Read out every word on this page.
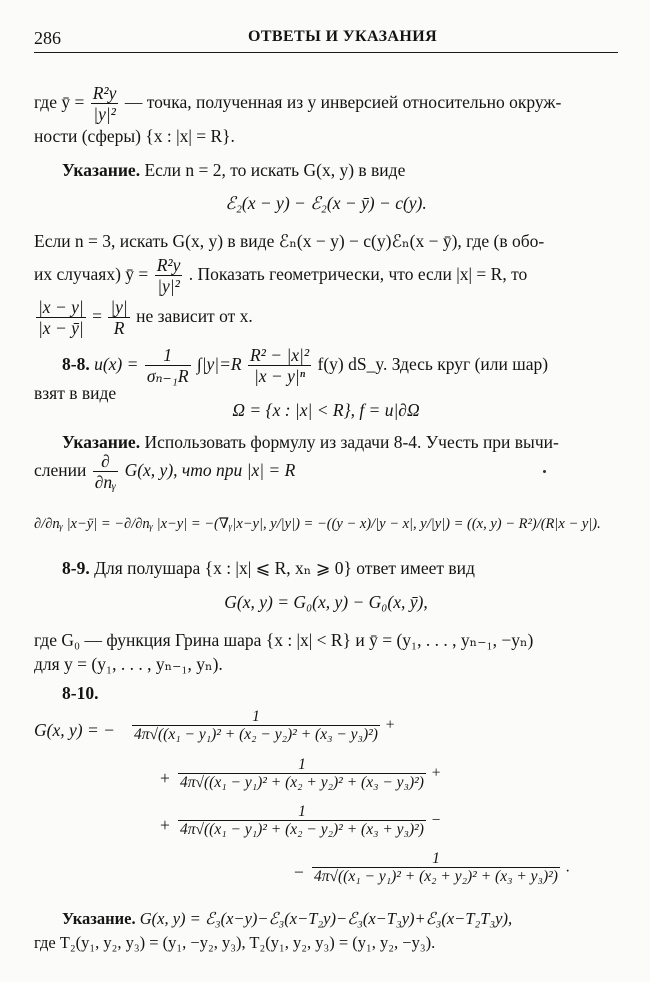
286	ОТВЕТЫ И УКАЗАНИЯ
где ȳ = $\frac{\text{R²y}}{\text{|y|²}}$ — точка, полученная из y инверсией относительно окруж-
ности (сферы) {x : |x| = R}.
Указание. Если n = 2, то искать G(x, y) в виде
ℰ₂(x − y) − ℰ₂(x − ȳ) − c(y).
Если n = 3, искать G(x, y) в виде ℰₙ(x − y) − c(y)ℰₙ(x − ȳ), где (в обо-
их случаях) ȳ = $\frac{\text{R²y}}{\text{|y|²}}$ . Показать геометрически, что если |x| = R, то
$\frac{|x - y|}{|x - ȳ|} = \frac{|y|}{R}$ не зависит от x.
8-8. $u(x) = \frac{1}{\text{σₙ₋₁R}} \int|y|=R \frac{\text{R² − |x|²}}{\text{|x − y|ⁿ}} f(y)$ dS_y. Здесь круг (или шар)
взят в виде
Ω = {x : |x| < R}, f = u|∂Ω
Указание. Использовать формулу из задачи 8-4. Учесть при вычи-
слении ∂
∂nᵧ
G(x, y), что при |x| = R
∂/∂nᵧ |x−ȳ| = −∂/∂nᵧ |x−y| = −(∇ᵧ|x−y|, y/|y|) = −((y − x)/|y − x|, y/|y|) = ((x, y) − R²)/(R|x − y|).
8-9. Для полушара {x : |x| ⩽ R, xₙ ⩾ 0} ответ имеет вид
G(x, y) = G₀(x, y) − G₀(x, ȳ),
где G₀ — функция Грина шара {x : |x| < R} и ȳ = (y₁, . . . , yₙ₋₁, −yₙ)
для y = (y₁, . . . , yₙ₋₁, yₙ).
8-10.
G(x, y) = − $\frac{1}{\text{4π√((x₁ − y₁)² + (x₂ − y₂)² + (x₃ − y₃)²)}}$ +
+ $\frac{1}{\text{4π√((x₁ − y₁)² + (x₂ + y₂)² + (x₃ − y₃)²)}}$ +
+ $\frac{1}{\text{4π√((x₁ − y₁)² + (x₂ − y₂)² + (x₃ + y₃)²)}}$ −
− $\frac{1}{\text{4π√((x₁ − y₁)² + (x₂ + y₂)² + (x₃ + y₃)²)}}$ .
Указание. G(x, y) = ℰ₃(x−y)−ℰ₃(x−T₂y)−ℰ₃(x−T₃y)+ℰ₃(x−T₂T₃y),
где T₂(y₁, y₂, y₃) = (y₁, −y₂, y₃), T₂(y₁, y₂, y₃) = (y₁, y₂, −y₃).
